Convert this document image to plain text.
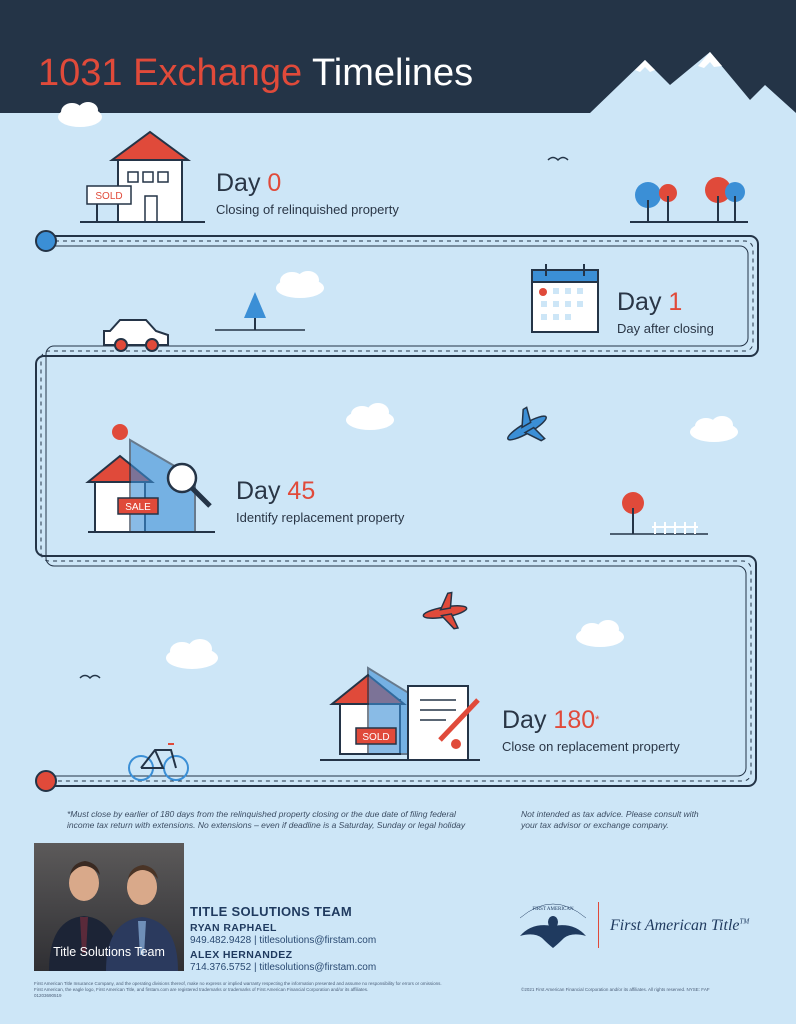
1031 Exchange Timelines
SOLD
SALE
SOLD
Day 0
Closing of relinquished property
Day 1
Day after closing
Day 45
Identify replacement property
Day 180*
Close on replacement property
*Must close by earlier of 180 days from the relinquished property closing or the due date of filing federal
income tax return with extensions. No extensions – even if deadline is a Saturday, Sunday or legal holiday
Not intended as tax advice. Please consult with
your tax advisor or exchange company.
Title Solutions Team
TITLE SOLUTIONS TEAM
RYAN RAPHAEL
949.482.9428 | titlesolutions@firstam.com
ALEX HERNANDEZ
714.376.5752 | titlesolutions@firstam.com
FIRST AMERICAN
First American Title™
First American Title Insurance Company, and the operating divisions thereof, make no express or implied warranty respecting the information presented and assume no responsibility for errors or omissions.
First American, the eagle logo, First American Title, and firstam.com are registered trademarks or trademarks of First American Financial Corporation and/or its affiliates.
01203690519
©2021 First American Financial Corporation and/or its affiliates. All rights reserved. NYSE: FAF
